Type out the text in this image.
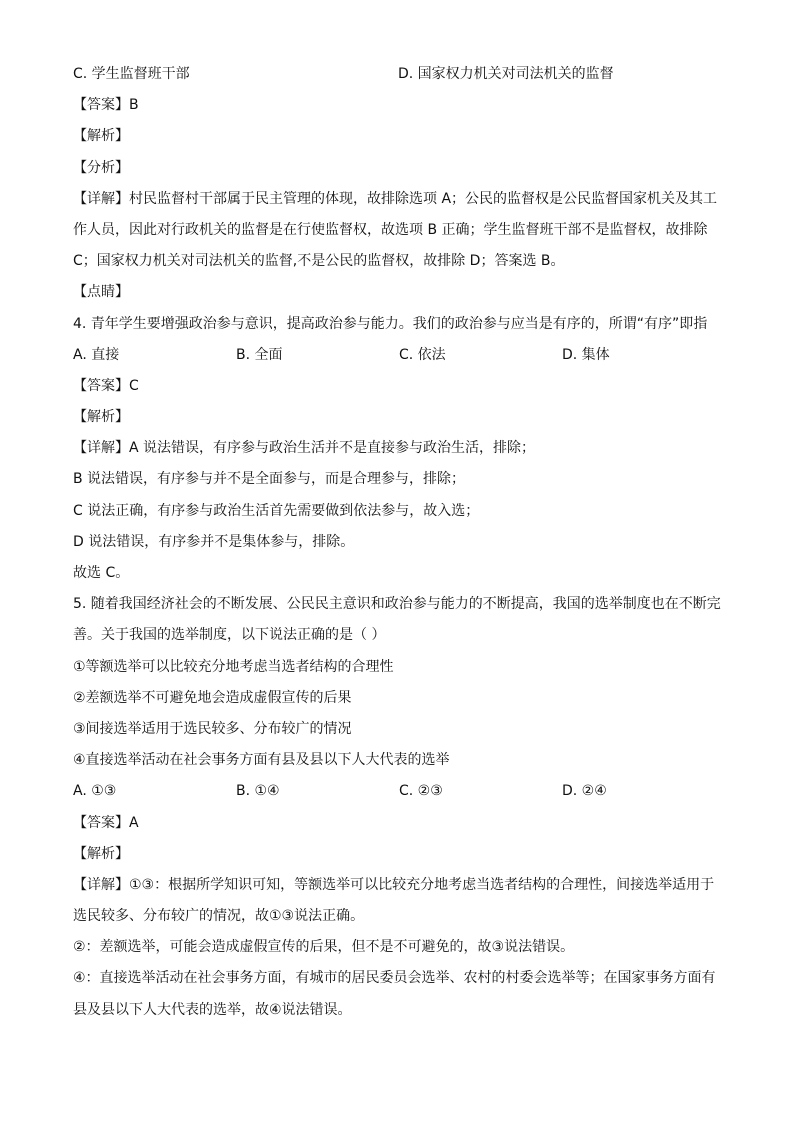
C. 学生监督班干部	D. 国家权力机关对司法机关的监督
【答案】B
【解析】
【分析】
【详解】村民监督村干部属于民主管理的体现，故排除选项 A；公民的监督权是公民监督国家机关及其工
作人员，因此对行政机关的监督是在行使监督权，故选项 B 正确；学生监督班干部不是监督权，故排除
C；国家权力机关对司法机关的监督,不是公民的监督权，故排除 D；答案选 B。
【点睛】
4. 青年学生要增强政治参与意识，提高政治参与能力。我们的政治参与应当是有序的，所谓“有序”即指
A. 直接	B. 全面	C. 依法	D. 集体
【答案】C
【解析】
【详解】A 说法错误，有序参与政治生活并不是直接参与政治生活，排除；
B 说法错误，有序参与并不是全面参与，而是合理参与，排除；
C 说法正确，有序参与政治生活首先需要做到依法参与，故入选；
D 说法错误，有序参并不是集体参与，排除。
故选 C。
5. 随着我国经济社会的不断发展、公民民主意识和政治参与能力的不断提高，我国的选举制度也在不断完
善。关于我国的选举制度，以下说法正确的是（ ）
①等额选举可以比较充分地考虑当选者结构的合理性
②差额选举不可避免地会造成虚假宣传的后果
③间接选举适用于选民较多、分布较广的情况
④直接选举活动在社会事务方面有县及县以下人大代表的选举
A. ①③	B. ①④	C. ②③	D. ②④
【答案】A
【解析】
【详解】①③：根据所学知识可知，等额选举可以比较充分地考虑当选者结构的合理性，间接选举适用于
选民较多、分布较广的情况，故①③说法正确。
②：差额选举，可能会造成虚假宣传的后果，但不是不可避免的，故③说法错误。
④：直接选举活动在社会事务方面，有城市的居民委员会选举、农村的村委会选举等；在国家事务方面有
县及县以下人大代表的选举，故④说法错误。
